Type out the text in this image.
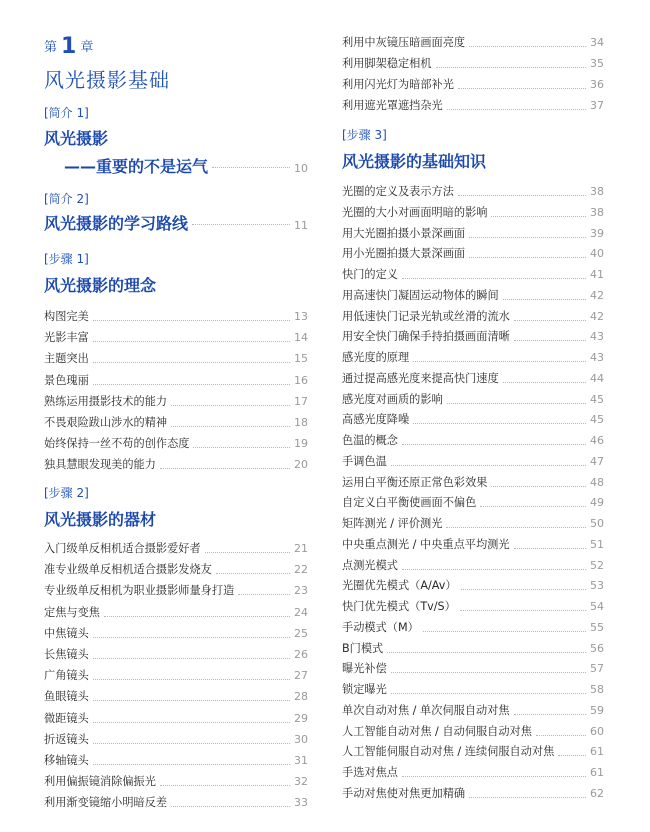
第 1 章
风光摄影基础
[简介 1]
风光摄影
——重要的不是运气	10
[简介 2]
风光摄影的学习路线	11
[步骤 1]
风光摄影的理念
构图完美	13
光影丰富	14
主题突出	15
景色瑰丽	16
熟练运用摄影技术的能力	17
不畏艰险跋山涉水的精神	18
始终保持一丝不苟的创作态度	19
独具慧眼发现美的能力	20
[步骤 2]
风光摄影的器材
入门级单反相机适合摄影爱好者	21
准专业级单反相机适合摄影发烧友	22
专业级单反相机为职业摄影师量身打造	23
定焦与变焦	24
中焦镜头	25
长焦镜头	26
广角镜头	27
鱼眼镜头	28
微距镜头	29
折返镜头	30
移轴镜头	31
利用偏振镜消除偏振光	32
利用渐变镜缩小明暗反差	33
利用中灰镜压暗画面亮度	34
利用脚架稳定相机	35
利用闪光灯为暗部补光	36
利用遮光罩遮挡杂光	37
[步骤 3]
风光摄影的基础知识
光圈的定义及表示方法	38
光圈的大小对画面明暗的影响	38
用大光圈拍摄小景深画面	39
用小光圈拍摄大景深画面	40
快门的定义	41
用高速快门凝固运动物体的瞬间	42
用低速快门记录光轨或丝滑的流水	42
用安全快门确保手持拍摄画面清晰	43
感光度的原理	43
通过提高感光度来提高快门速度	44
感光度对画质的影响	45
高感光度降噪	45
色温的概念	46
手调色温	47
运用白平衡还原正常色彩效果	48
自定义白平衡使画面不偏色	49
矩阵测光 / 评价测光	50
中央重点测光 / 中央重点平均测光	51
点测光模式	52
光圈优先模式（A/Av）	53
快门优先模式（Tv/S）	54
手动模式（M）	55
B门模式	56
曝光补偿	57
锁定曝光	58
单次自动对焦 / 单次伺服自动对焦	59
人工智能自动对焦 / 自动伺服自动对焦	60
人工智能伺服自动对焦 / 连续伺服自动对焦	61
手选对焦点	61
手动对焦使对焦更加精确	62
